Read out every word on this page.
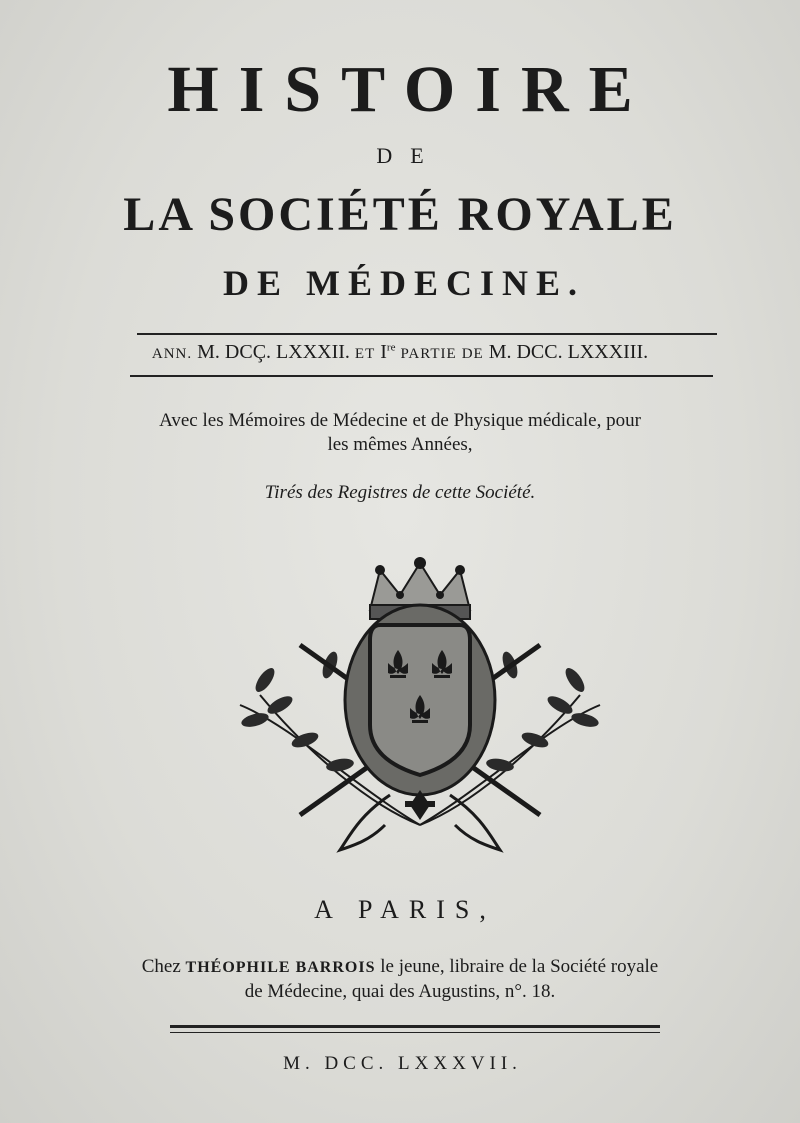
HISTOIRE
DE
LA SOCIÉTÉ ROYALE
DE MÉDECINE.
ANN. M. DCÇ. LXXXII. ET Ire PARTIE DE M. DCC. LXXXIII.
Avec les Mémoires de Médecine et de Physique médicale, pour
les mêmes Années,
Tirés des Registres de cette Société.
A PARIS,
Chez THÉOPHILE BARROIS le jeune, libraire de la Société royale
de Médecine, quai des Augustins, n°. 18.
M. DCC. LXXXVII.
